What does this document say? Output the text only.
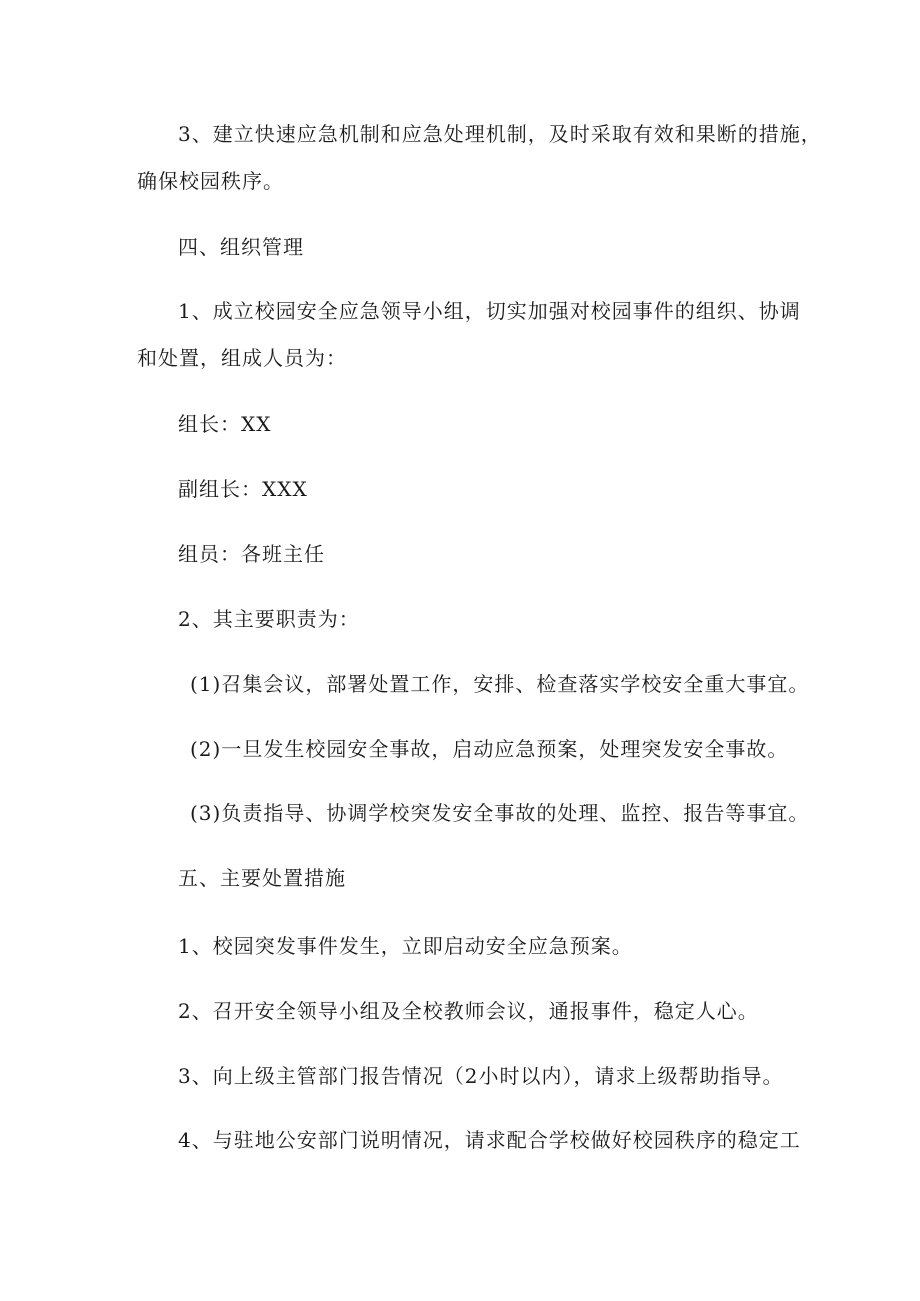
3、建立快速应急机制和应急处理机制，及时采取有效和果断的措施，
确保校园秩序。
四、组织管理
1、成立校园安全应急领导小组，切实加强对校园事件的组织、协调
和处置，组成人员为：
组长：XX
副组长：XXX
组员：各班主任
2、其主要职责为：
(1)召集会议，部署处置工作，安排、检查落实学校安全重大事宜。
(2)一旦发生校园安全事故，启动应急预案，处理突发安全事故。
(3)负责指导、协调学校突发安全事故的处理、监控、报告等事宜。
五、主要处置措施
1、校园突发事件发生，立即启动安全应急预案。
2、召开安全领导小组及全校教师会议，通报事件，稳定人心。
3、向上级主管部门报告情况（2小时以内），请求上级帮助指导。
4、与驻地公安部门说明情况，请求配合学校做好校园秩序的稳定工
